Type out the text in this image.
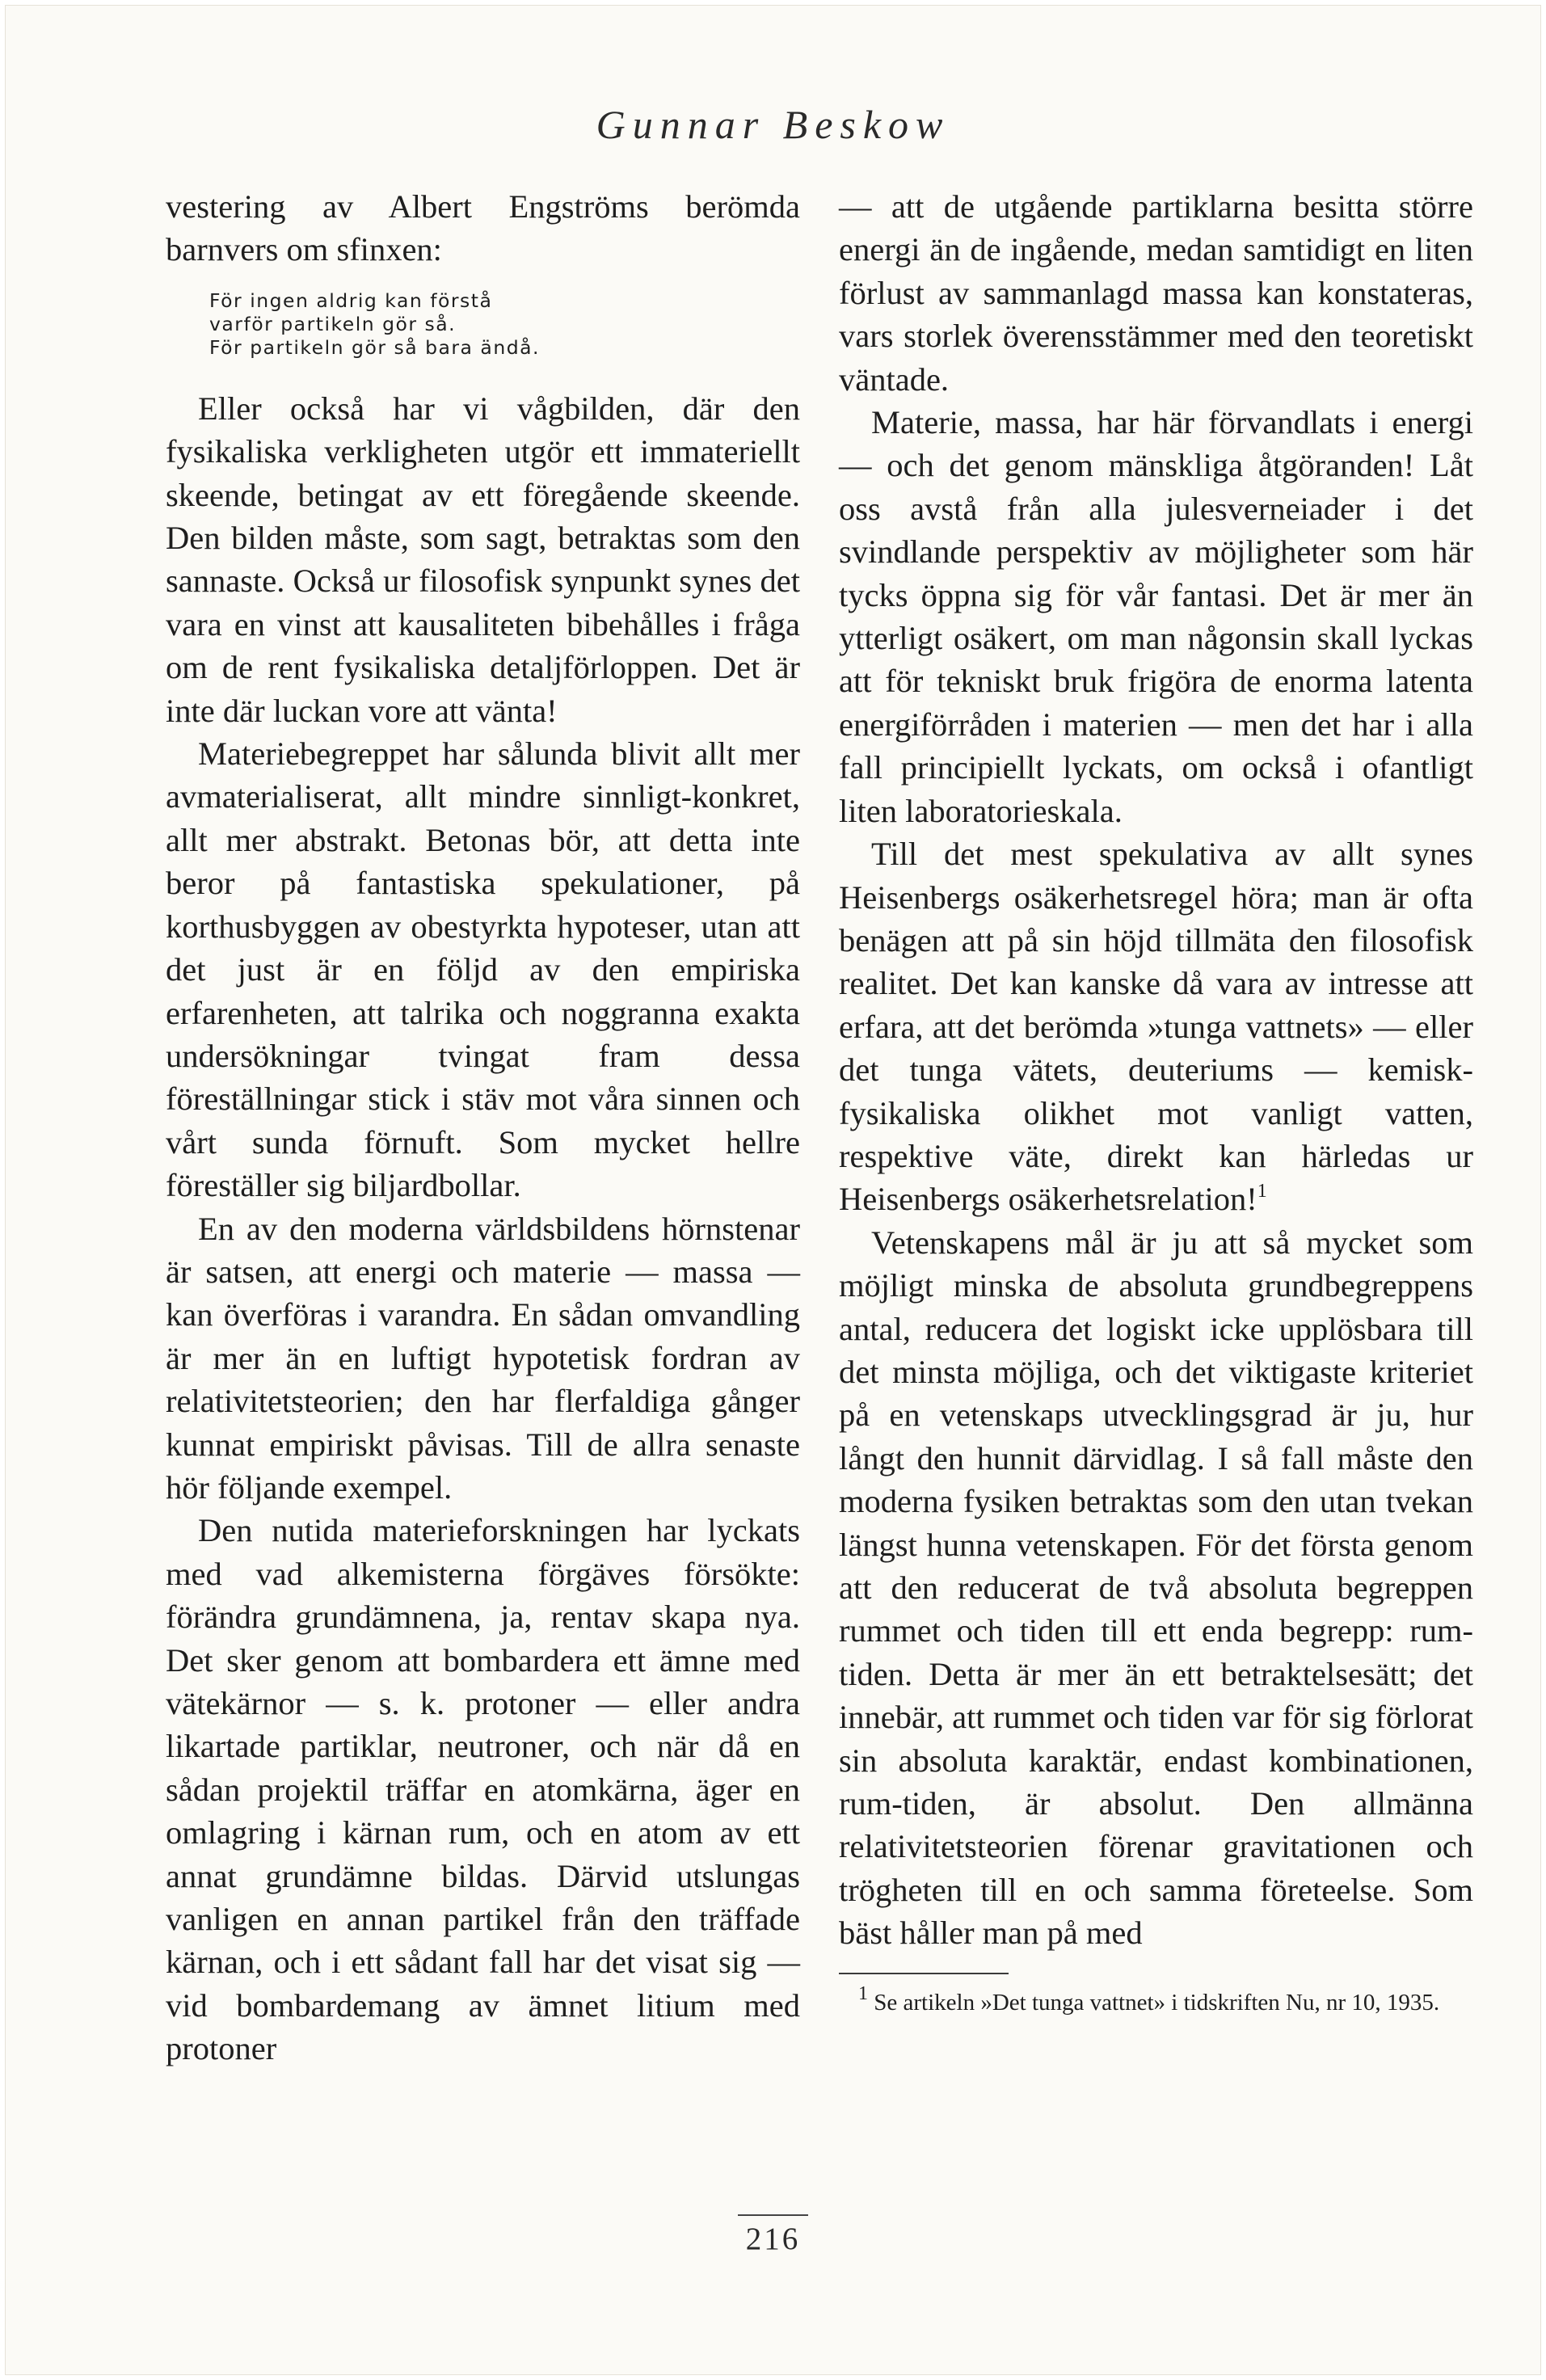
Gunnar Beskow

vestering av Albert Engströms berömda barnvers om sfinxen:

För ingen aldrig kan förstå
varför partikeln gör så.
För partikeln gör så bara ändå.

Eller också har vi vågbilden, där den fysikaliska verkligheten utgör ett immateriellt skeende, betingat av ett föregående skeende. Den bilden måste, som sagt, betraktas som den sannaste. Också ur filosofisk synpunkt synes det vara en vinst att kausaliteten bibehålles i fråga om de rent fysikaliska detaljförloppen. Det är inte där luckan vore att vänta!

Materiebegreppet har sålunda blivit allt mer avmaterialiserat, allt mindre sinnligt-konkret, allt mer abstrakt. Betonas bör, att detta inte beror på fantastiska spekulationer, på korthusbyggen av obestyrkta hypoteser, utan att det just är en följd av den empiriska erfarenheten, att talrika och noggranna exakta undersökningar tvingat fram dessa föreställningar stick i stäv mot våra sinnen och vårt sunda förnuft. Som mycket hellre föreställer sig biljardbollar.

En av den moderna världsbildens hörnstenar är satsen, att energi och materie — massa — kan överföras i varandra. En sådan omvandling är mer än en luftigt hypotetisk fordran av relativitetsteorien; den har flerfaldiga gånger kunnat empiriskt påvisas. Till de allra senaste hör följande exempel.

Den nutida materieforskningen har lyckats med vad alkemisterna förgäves försökte: förändra grundämnena, ja, rentav skapa nya. Det sker genom att bombardera ett ämne med vätekärnor — s. k. protoner — eller andra likartade partiklar, neutroner, och när då en sådan projektil träffar en atomkärna, äger en omlagring i kärnan rum, och en atom av ett annat grundämne bildas. Därvid utslungas vanligen en annan partikel från den träffade kärnan, och i ett sådant fall har det visat sig — vid bombardemang av ämnet litium med protoner

— att de utgående partiklarna besitta större energi än de ingående, medan samtidigt en liten förlust av sammanlagd massa kan konstateras, vars storlek överensstämmer med den teoretiskt väntade.

Materie, massa, har här förvandlats i energi — och det genom mänskliga åtgöranden! Låt oss avstå från alla julesverneiader i det svindlande perspektiv av möjligheter som här tycks öppna sig för vår fantasi. Det är mer än ytterligt osäkert, om man någonsin skall lyckas att för tekniskt bruk frigöra de enorma latenta energiförråden i materien — men det har i alla fall principiellt lyckats, om också i ofantligt liten laboratorieskala.

Till det mest spekulativa av allt synes Heisenbergs osäkerhetsregel höra; man är ofta benägen att på sin höjd tillmäta den filosofisk realitet. Det kan kanske då vara av intresse att erfara, att det berömda »tunga vattnets» — eller det tunga vätets, deuteriums — kemisk-fysikaliska olikhet mot vanligt vatten, respektive väte, direkt kan härledas ur Heisenbergs osäkerhetsrelation!$^1$

Vetenskapens mål är ju att så mycket som möjligt minska de absoluta grundbegreppens antal, reducera det logiskt icke upplösbara till det minsta möjliga, och det viktigaste kriteriet på en vetenskaps utvecklingsgrad är ju, hur långt den hunnit därvidlag. I så fall måste den moderna fysiken betraktas som den utan tvekan längst hunna vetenskapen. För det första genom att den reducerat de två absoluta begreppen rummet och tiden till ett enda begrepp: rum-tiden. Detta är mer än ett betraktelsesätt; det innebär, att rummet och tiden var för sig förlorat sin absoluta karaktär, endast kombinationen, rum-tiden, är absolut. Den allmänna relativitetsteorien förenar gravitationen och trögheten till en och samma företeelse. Som bäst håller man på med

$^1$ Se artikeln »Det tunga vattnet» i tidskriften Nu, nr 10, 1935.

216
